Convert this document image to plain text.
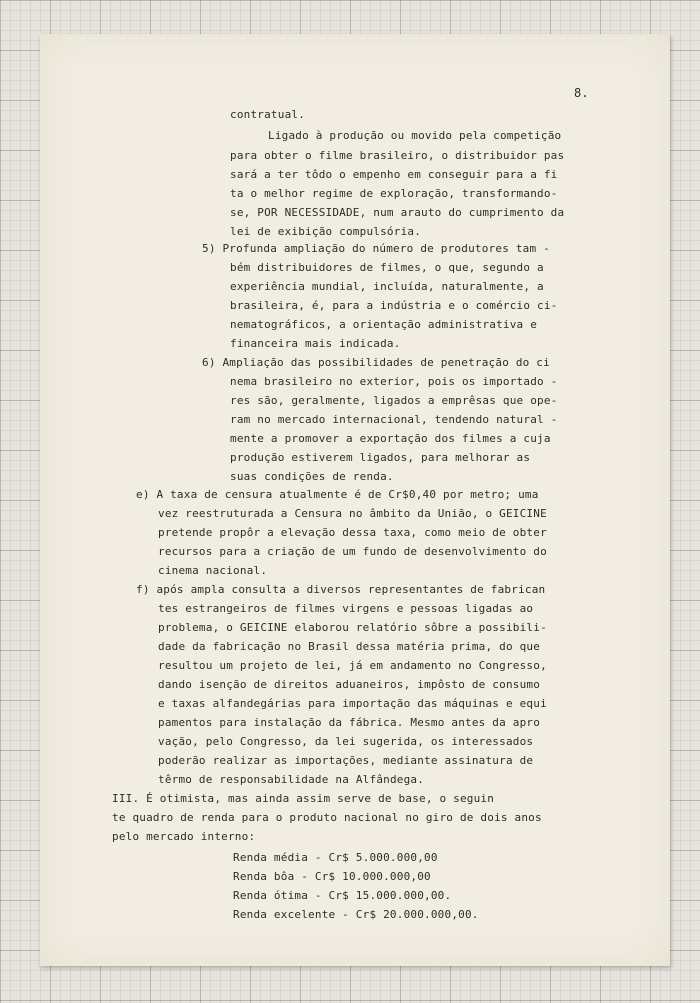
8.
contratual.
Ligado à produção ou movido pela competição
para obter o filme brasileiro, o distribuidor pas
sará a ter tôdo o empenho em conseguir para a fi
ta o melhor regime de exploração, transformando-
se, POR NECESSIDADE, num arauto do cumprimento da
lei de exibição compulsória.
5) Profunda ampliação do número de produtores tam -
bém distribuidores de filmes, o que, segundo a
experiência mundial, incluída, naturalmente, a
brasileira, é, para a indústria e o comércio ci-
nematográficos, a orientação administrativa e
financeira mais indicada.
6) Ampliação das possibilidades de penetração do ci
nema brasileiro no exterior, pois os importado -
res são, geralmente, ligados a emprêsas que ope-
ram no mercado internacional, tendendo natural -
mente a promover a exportação dos filmes a cuja
produção estiverem ligados, para melhorar as
suas condições de renda.
e) A taxa de censura atualmente é de Cr$0,40 por metro; uma
vez reestruturada a Censura no âmbito da União, o GEICINE
pretende propôr a elevação dessa taxa, como meio de obter
recursos para a criação de um fundo de desenvolvimento do
cinema nacional.
f) após ampla consulta a diversos representantes de fabrican
tes estrangeiros de filmes virgens e pessoas ligadas ao
problema, o GEICINE elaborou relatório sôbre a possibili-
dade da fabricação no Brasil dessa matéria prima, do que
resultou um projeto de lei, já em andamento no Congresso,
dando isenção de direitos aduaneiros, impôsto de consumo
e taxas alfandegárias para importação das máquinas e equi
pamentos para instalação da fábrica. Mesmo antes da apro
vação, pelo Congresso, da lei sugerida, os interessados
poderão realizar as importações, mediante assinatura de
têrmo de responsabilidade na Alfândega.
III. É otimista, mas ainda assim serve de base, o seguin
te quadro de renda para o produto nacional no giro de dois anos
pelo mercado interno:
Renda média - Cr$ 5.000.000,00
Renda bôa - Cr$ 10.000.000,00
Renda ótima - Cr$ 15.000.000,00.
Renda excelente - Cr$ 20.000.000,00.
